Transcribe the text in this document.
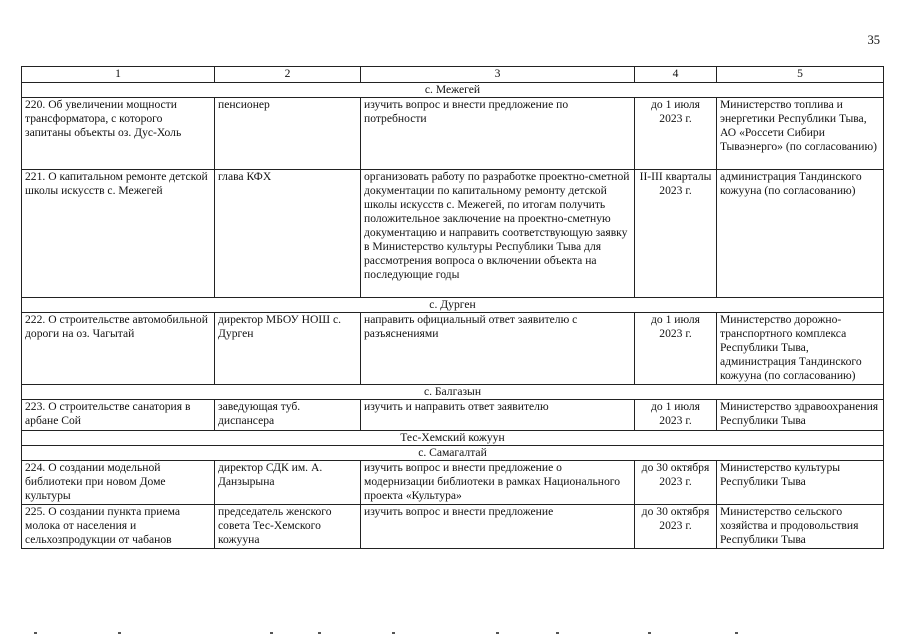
35
1	2	3	4	5
с. Межегей				
220. Об увеличении мощности трансформатора, с которого запитаны объекты оз. Дус-Холь	пенсионер	изучить вопрос и внести предложение по потребности	до 1 июля 2023 г.	Министерство топлива и энергетики Республики Тыва, АО «Россети Сибири Тываэнерго» (по согласованию)
221. О капитальном ремонте детской школы искусств с. Межегей	глава КФХ	организовать работу по разработке проектно-сметной документации по капитальному ремонту детской школы искусств с. Межегей, по итогам получить положительное заключение на проектно-сметную документацию и направить соответствующую заявку в Министерство культуры Республики Тыва для рассмотрения вопроса о включении объекта на последующие годы	II-III кварталы 2023 г.	администрация Тандинского кожууна (по согласованию)
с. Дурген				
222. О строительстве автомобильной дороги на оз. Чагытай	директор МБОУ НОШ с. Дурген	направить официальный ответ заявителю с разъяснениями	до 1 июля 2023 г.	Министерство дорожно-транспортного комплекса Республики Тыва, администрация Тандинского кожууна (по согласованию)
с. Балгазын				
223. О строительстве санатория в арбане Сой	заведующая туб. диспансера	изучить и направить ответ заявителю	до 1 июля 2023 г.	Министерство здравоохранения Республики Тыва
Тес-Хемский кожуун				
с. Самагалтай				
224. О создании модельной библиотеки при новом Доме культуры	директор СДК им. А. Данзырына	изучить вопрос и внести предложение о модернизации библиотеки в рамках Национального проекта «Культура»	до 30 октября 2023 г.	Министерство культуры Республики Тыва
225. О создании пункта приема молока от населения и сельхозпродукции от чабанов	председатель женского совета Тес-Хемского кожууна	изучить вопрос и внести предложение	до 30 октября 2023 г.	Министерство сельского хозяйства и продовольствия Республики Тыва
